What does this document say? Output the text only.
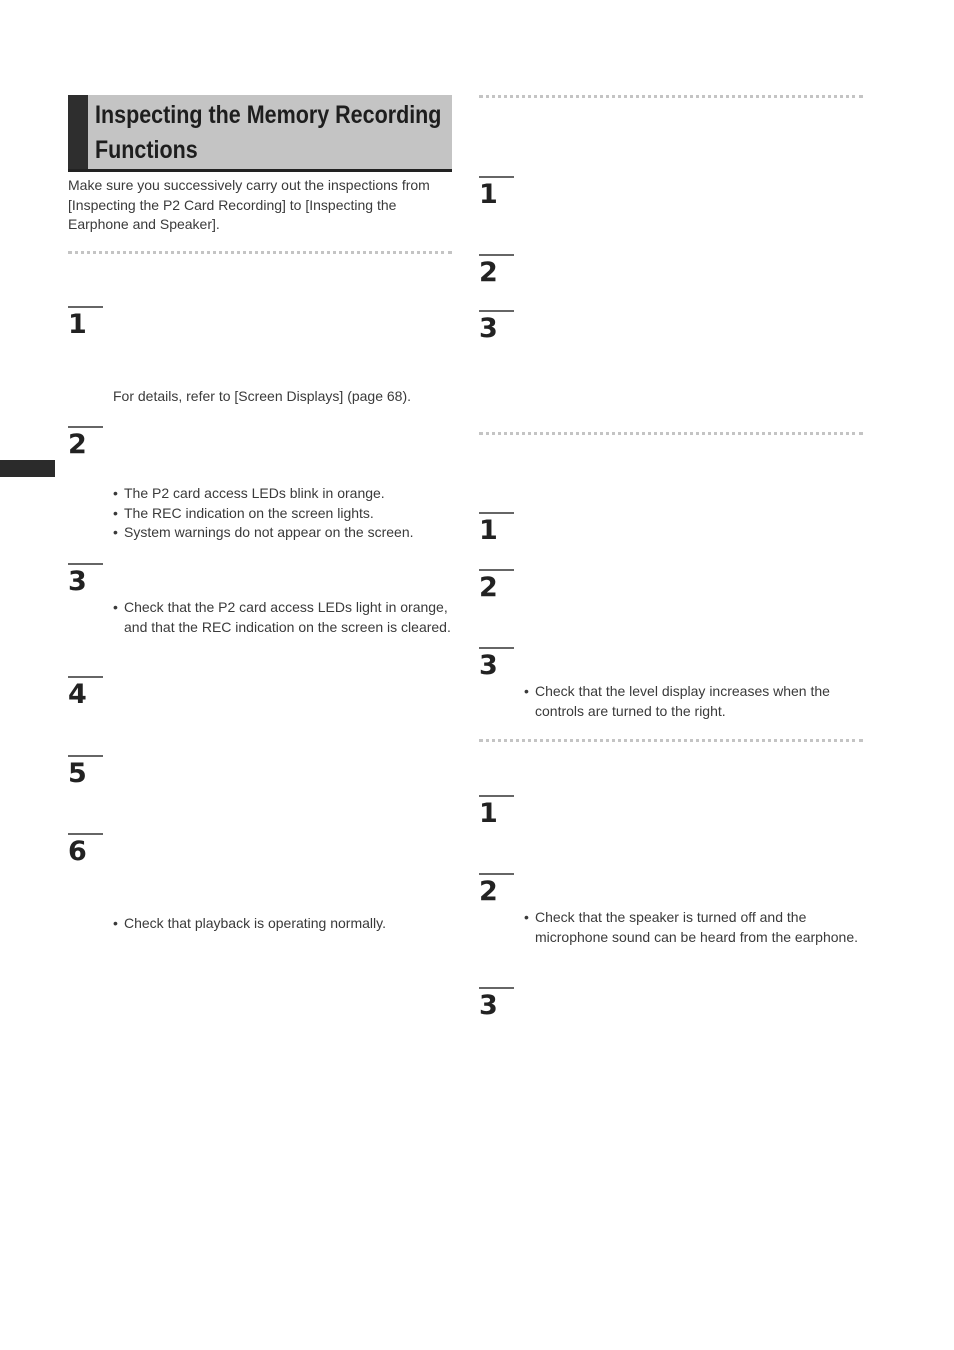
Inspecting the Memory Recording
Functions
Make sure you successively carry out the inspections from [Inspecting the P2 Card Recording] to [Inspecting the Earphone and Speaker].
1
For details, refer to [Screen Displays] (page 68).
2
• The P2 card access LEDs blink in orange.
• The REC indication on the screen lights.
• System warnings do not appear on the screen.
3
• Check that the P2 card access LEDs light in orange, and that the REC indication on the screen is cleared.
4
5
6
• Check that playback is operating normally.
1
2
3
1
2
3
• Check that the level display increases when the controls are turned to the right.
1
2
• Check that the speaker is turned off and the microphone sound can be heard from the earphone.
3
